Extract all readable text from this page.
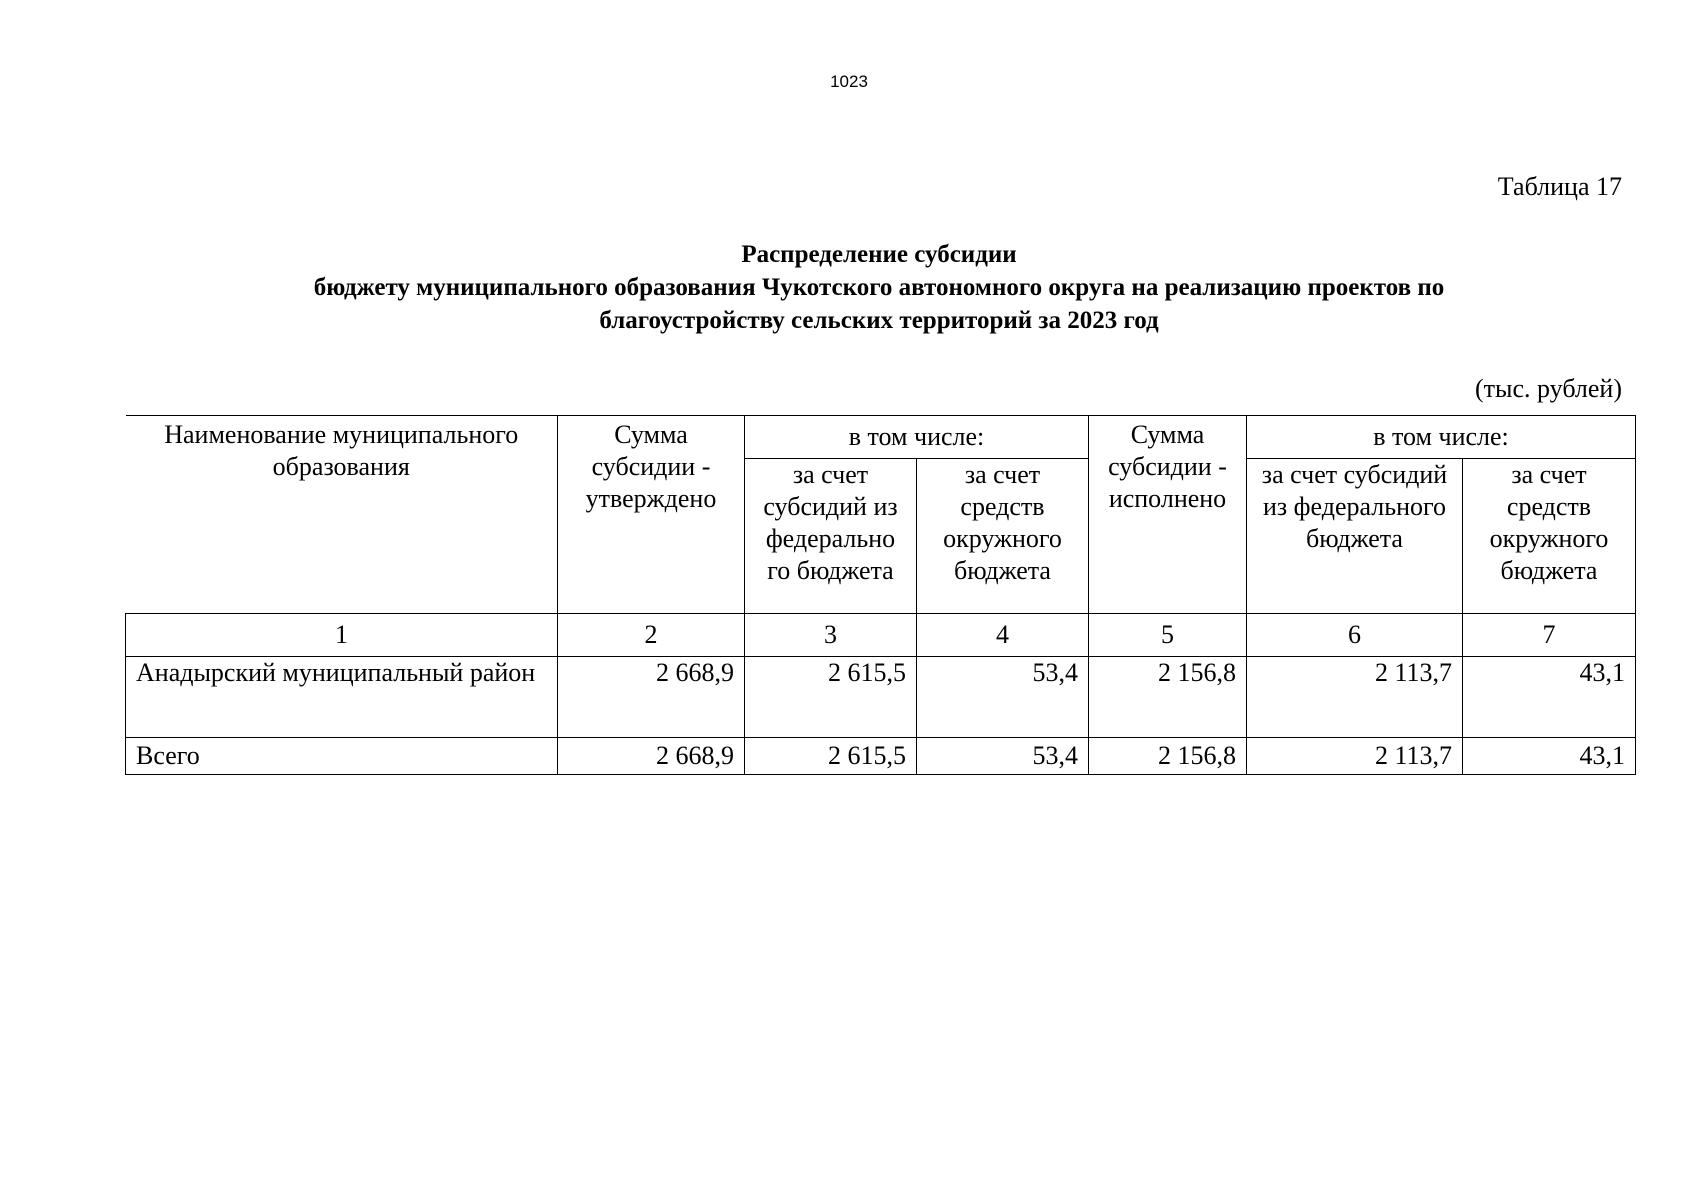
1023
Таблица 17
Распределение субсидии
бюджету муниципального образования Чукотского автономного округа на реализацию проектов по
благоустройству сельских территорий за 2023 год
(тыс. рублей)
Наименование муниципального образования	Сумма субсидии - утверждено	в том числе:		Сумма субсидии - исполнено	в том числе:	
		за счет субсидий из федерально го бюджета	за счет средств окружного бюджета		за счет субсидий из федерального бюджета	за счет средств окружного бюджета
1	2	3	4	5	6	7
Анадырский муниципальный район	2 668,9	2 615,5	53,4	2 156,8	2 113,7	43,1
Всего	2 668,9	2 615,5	53,4	2 156,8	2 113,7	43,1
